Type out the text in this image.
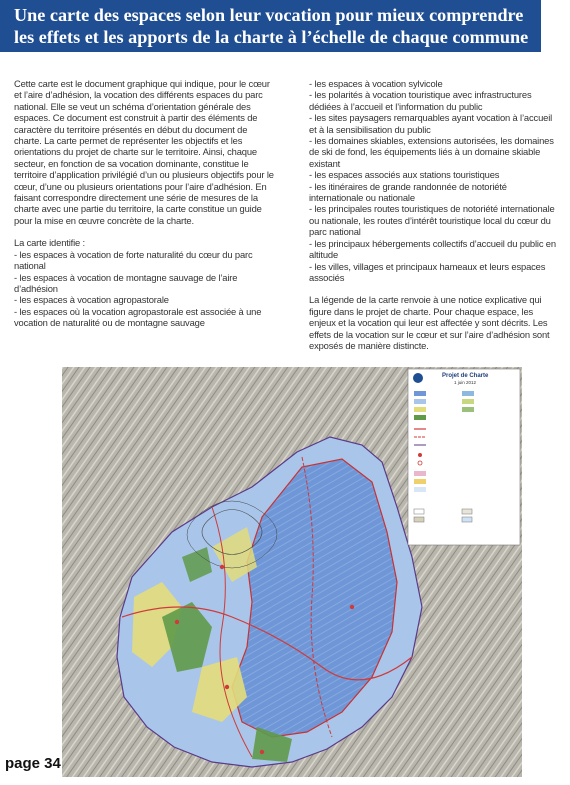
Une carte des espaces selon leur vocation pour mieux comprendre les effets et les apports de la charte à l’échelle de chaque commune

Cette carte est le document graphique qui indique, pour le cœur et l’aire d’adhésion, la vocation des différents espaces du parc national. Elle se veut un schéma d’orientation générale des espaces. Ce document est construit à partir des éléments de caractère du territoire présentés en début du document de charte. La carte permet de représenter les objectifs et les orientations du projet de charte sur le territoire. Ainsi, chaque secteur, en fonction de sa vocation dominante, constitue le territoire d’application privilégié d’un ou plusieurs objectifs pour le cœur, d’une ou plusieurs orientations pour l’aire d’adhésion. En faisant correspondre directement une série de mesures de la charte avec une partie du territoire, la carte constitue un guide pour la mise en œuvre concrète de la charte.

La carte identifie :

- les espaces à vocation de forte naturalité du cœur du parc national
- les espaces à vocation de montagne sauvage de l’aire d’adhésion
- les espaces à vocation agropastorale
- les espaces où la vocation agropastorale est associée à une vocation de naturalité ou de montagne sauvage
- les espaces à vocation sylvicole
- les polarités à vocation touristique avec infrastructures dédiées à l’accueil et l’information du public
- les sites paysagers remarquables ayant vocation à l’accueil et à la sensibilisation du public
- les domaines skiables, extensions autorisées, les domaines de ski de fond, les équipements liés à un domaine skiable existant
- les espaces associés aux stations touristiques
- les itinéraires de grande randonnée de notoriété internationale ou nationale
- les principales routes touristiques de notoriété internationale ou nationale, les routes d’intérêt touristique local du cœur du parc national
- les principaux hébergements collectifs d’accueil du public en altitude
- les villes, villages et principaux hameaux et leurs espaces associés

La légende de la carte renvoie à une notice explicative qui figure dans le projet de charte. Pour chaque espace, les enjeux et la vocation qui leur est affectée y sont décrits. Les effets de la vocation sur le cœur et sur l’aire d’adhésion sont exposés de manière distincte.

Projet de Charte
1 juin 2012

page 34
